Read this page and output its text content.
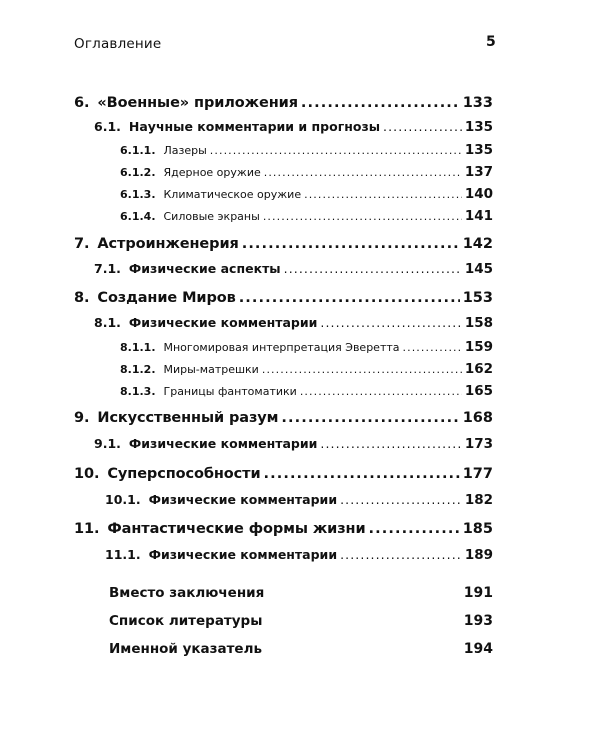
Оглавление	5
6. «Военные» приложения .....	133
6.1. Научные комментарии и прогнозы .....	135
6.1.1. Лазеры .....	135
6.1.2. Ядерное оружие .....	137
6.1.3. Климатическое оружие .....	140
6.1.4. Силовые экраны .....	141
7. Астроинженерия .....	142
7.1. Физические аспекты .....	145
8. Создание Миров .....	153
8.1. Физические комментарии .....	158
8.1.1. Многомировая интерпретация Эверетта .....	159
8.1.2. Миры-матрешки .....	162
8.1.3. Границы фантоматики .....	165
9. Искусственный разум .....	168
9.1. Физические комментарии .....	173
10. Суперспособности .....	177
10.1. Физические комментарии .....	182
11. Фантастические формы жизни .....	185
11.1. Физические комментарии .....	189
Вместо заключения	191
Список литературы	193
Именной указатель	194
